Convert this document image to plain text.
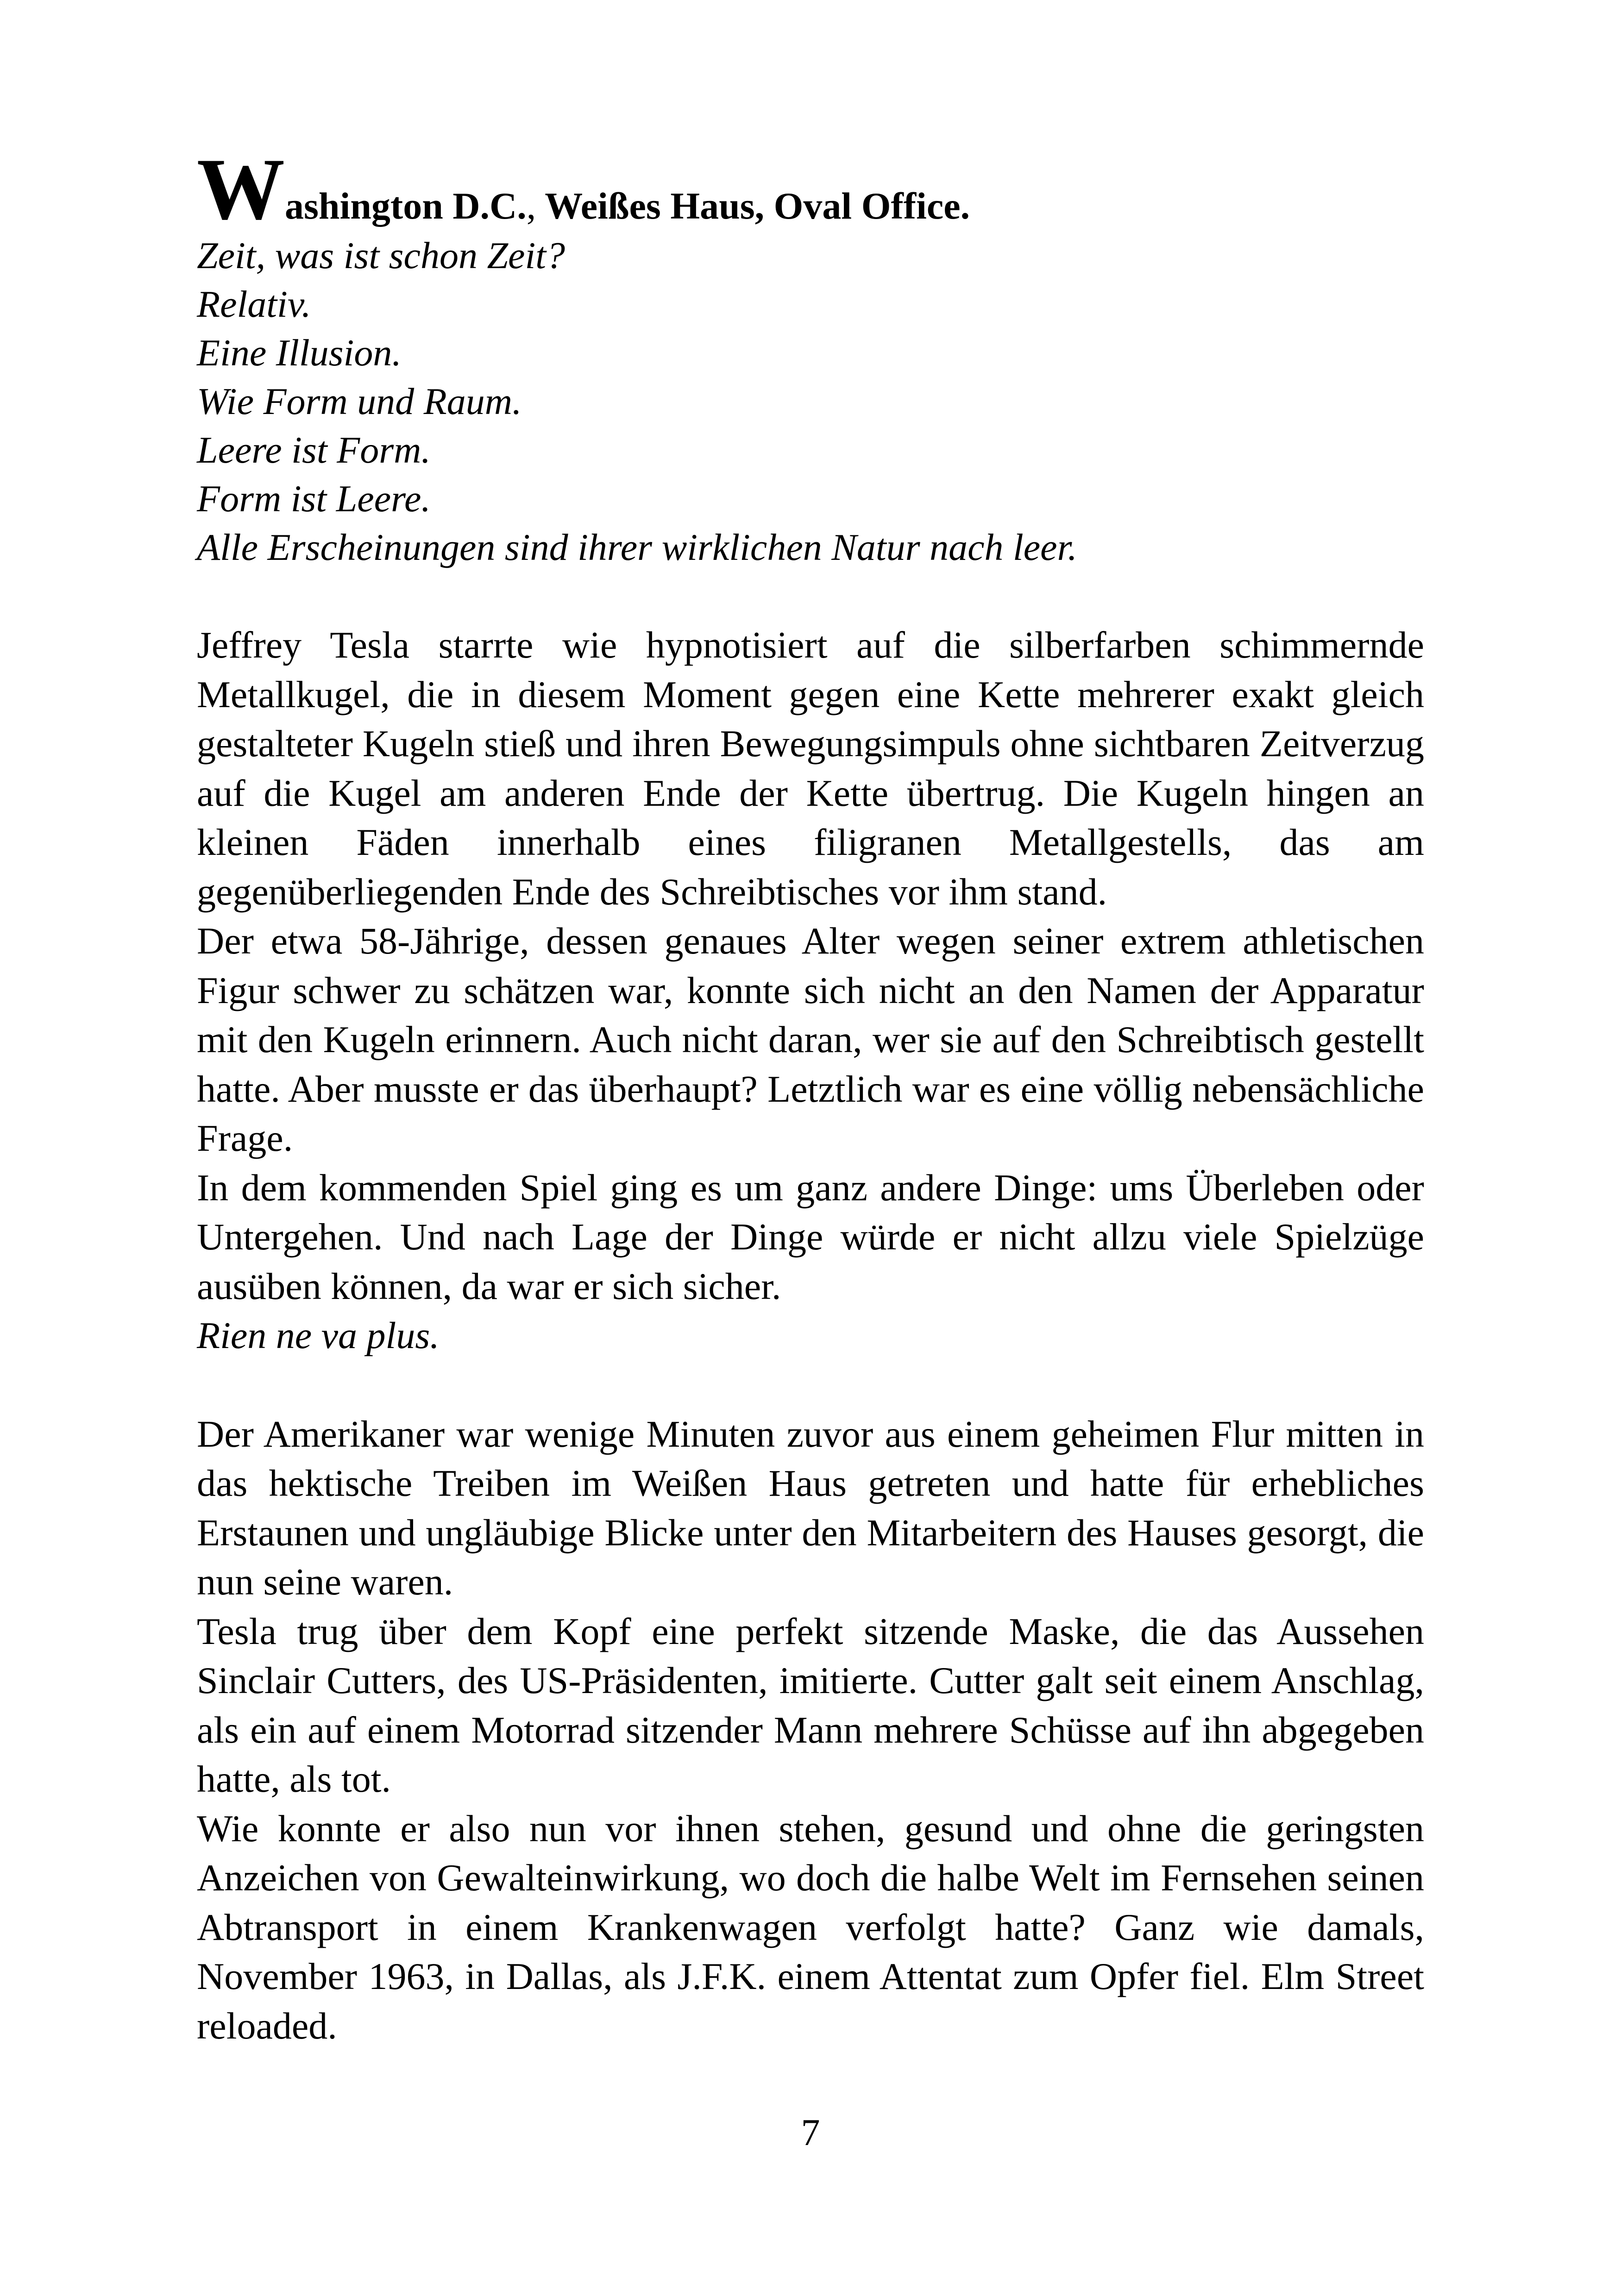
Washington D.C., Weißes Haus, Oval Office.

Zeit, was ist schon Zeit?

Relativ.

Eine Illusion.

Wie Form und Raum.

Leere ist Form.

Form ist Leere.

Alle Erscheinungen sind ihrer wirklichen Natur nach leer.

Jeffrey Tesla starrte wie hypnotisiert auf die silberfarben schimmernde Metallkugel, die in diesem Moment gegen eine Kette mehrerer exakt gleich gestalteter Kugeln stieß und ihren Bewegungsimpuls ohne sichtbaren Zeitverzug auf die Kugel am anderen Ende der Kette übertrug. Die Kugeln hingen an kleinen Fäden innerhalb eines filigranen Metallgestells, das am gegenüberliegenden Ende des Schreibtisches vor ihm stand.

Der etwa 58-Jährige, dessen genaues Alter wegen seiner extrem athletischen Figur schwer zu schätzen war, konnte sich nicht an den Namen der Apparatur mit den Kugeln erinnern. Auch nicht daran, wer sie auf den Schreibtisch gestellt hatte. Aber musste er das überhaupt? Letztlich war es eine völlig nebensächliche Frage.

In dem kommenden Spiel ging es um ganz andere Dinge: ums Überleben oder Untergehen. Und nach Lage der Dinge würde er nicht allzu viele Spielzüge ausüben können, da war er sich sicher.

Rien ne va plus.

Der Amerikaner war wenige Minuten zuvor aus einem geheimen Flur mitten in das hektische Treiben im Weißen Haus getreten und hatte für erhebliches Erstaunen und ungläubige Blicke unter den Mitarbeitern des Hauses gesorgt, die nun seine waren.

Tesla trug über dem Kopf eine perfekt sitzende Maske, die das Aussehen Sinclair Cutters, des US-Präsidenten, imitierte. Cutter galt seit einem Anschlag, als ein auf einem Motorrad sitzender Mann mehrere Schüsse auf ihn abgegeben hatte, als tot.

Wie konnte er also nun vor ihnen stehen, gesund und ohne die geringsten Anzeichen von Gewalteinwirkung, wo doch die halbe Welt im Fernsehen seinen Abtransport in einem Krankenwagen verfolgt hatte? Ganz wie damals, November 1963, in Dallas, als J.F.K. einem Attentat zum Opfer fiel. Elm Street reloaded.

7
